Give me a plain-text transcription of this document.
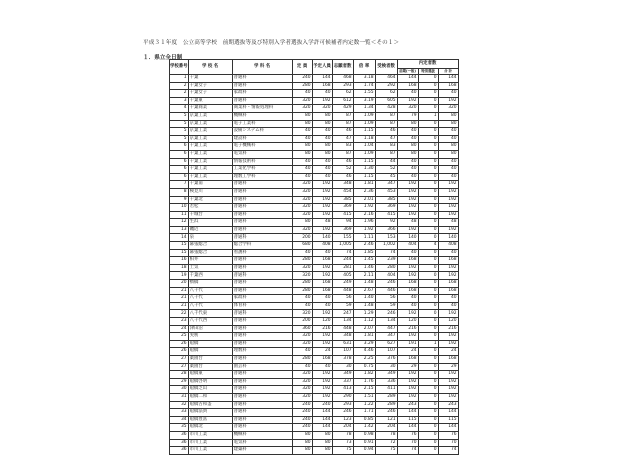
平成３１年度　公立高等学校　前期選抜等及び特別入学者選抜入学許可候補者内定数一覧＜その１＞
１．県立全日制
学校番号	学 校 名	学 科 名	定 員	予定人員	志願者数	倍 率	受検者数	内定者数		
								前期(一般)	特別選抜	合 計
1	千葉	普通科	240	144	468	3.18	464	144	0	144
2	千葉女子	普通科	280	168	293	1.74	292	168	0	168
2	千葉女子	家政科	40	40	62	1.55	62	40	0	40
3	千葉東	普通科	320	192	612	3.19	605	192	0	192
4	千葉商業	商業科・情報処理科	320	320	429	1.34	428	320	0	320
5	京葉工業	機械科	80	80	87	1.09	87	79	1	80
5	京葉工業	電子工業科	80	80	87	1.09	87	80	0	80
5	京葉工業	設備システム科	40	40	46	1.15	46	40	0	40
5	京葉工業	建設科	40	40	47	1.18	47	40	0	40
6	千葉工業	電子機械科	80	80	83	1.04	83	80	0	80
6	千葉工業	電気科	80	80	87	1.09	87	80	0	80
6	千葉工業	情報技術科	40	40	46	1.15	44	40	0	40
6	千葉工業	工業化学科	40	40	52	1.30	52	40	0	40
6	千葉工業	理数工学科	40	40	46	1.15	45	40	0	40
7	千葉南	普通科	320	192	348	1.81	347	192	0	192
8	検見川	普通科	320	192	454	2.36	453	192	0	192
9	千葉北	普通科	320	192	385	2.01	385	192	0	192
10	若松	普通科	320	192	369	1.92	369	192	0	192
11	千城台	普通科	320	192	415	2.16	415	192	0	192
12	生浜	普通科	80	48	94	1.96	92	48	0	48
13	磯辺	普通科	320	192	369	1.92	366	192	0	192
14	泉	普通科	200	140	155	1.11	153	140	0	140
15	幕張総合	総合学科	680	408	1,005	2.46	1,002	404	4	408
15	幕張総合	看護科	40	40	74	1.85	74	40	0	40
16	柏井	普通科	280	168	244	1.45	239	168	0	168
18	土気	普通科	320	192	281	1.46	280	192	0	192
19	千葉西	普通科	320	192	405	2.11	404	192	0	192
20	犢橋	普通科	280	168	249	1.48	246	168	0	168
21	八千代	普通科	280	168	448	2.67	446	168	0	168
21	八千代	家政科	40	40	56	1.40	56	40	0	40
21	八千代	体育科	40	40	59	1.48	59	40	0	40
22	八千代東	普通科	320	192	247	1.29	246	192	0	192
23	八千代西	普通科	200	120	134	1.12	134	120	0	120
24	津田沼	普通科	360	216	448	2.07	447	216	0	216
25	実籾	普通科	320	192	348	1.81	347	192	0	192
26	船橋	普通科	320	192	631	3.29	627	191	1	192
26	船橋	理数科	40	24	107	4.46	107	24	0	24
27	薬園台	普通科	280	168	378	2.25	376	168	0	168
27	薬園台	園芸科	40	40	30	0.75	30	29	0	29
28	船橋東	普通科	320	192	349	1.82	349	192	0	192
29	船橋啓明	普通科	320	192	337	1.76	336	192	0	192
30	船橋芝山	普通科	320	192	413	2.15	411	192	0	192
31	船橋二和	普通科	320	192	290	1.51	289	192	0	192
32	船橋古和釜	普通科	240	240	293	1.22	289	243	0	243
33	船橋法典	普通科	240	144	246	1.71	246	144	0	144
34	船橋豊富	普通科	240	144	123	0.85	121	115	0	115
35	船橋北	普通科	240	144	204	1.42	204	144	0	144
36	市川工業	機械科	80	80	78	0.98	78	76	0	76
36	市川工業	電気科	80	80	73	0.91	72	70	0	70
36	市川工業	建築科	80	80	75	0.94	75	74	0	74
